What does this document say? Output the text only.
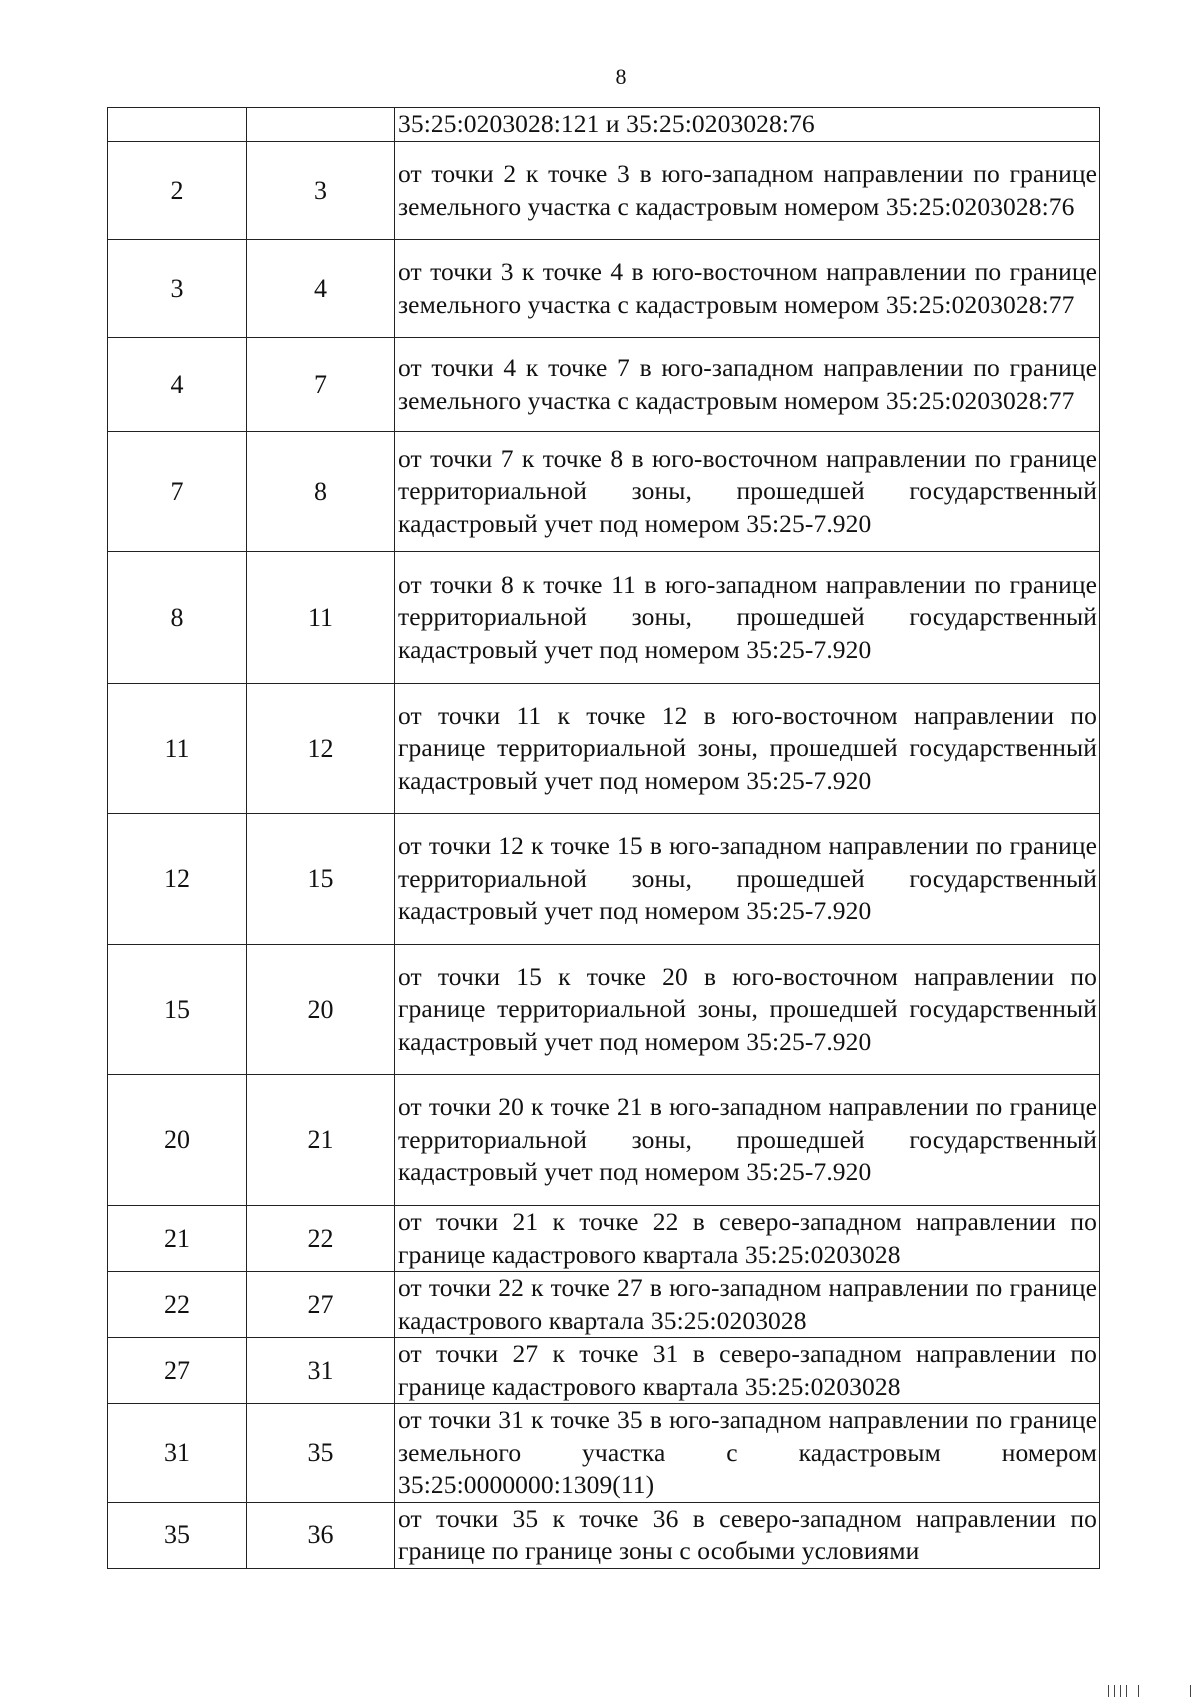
8
		35:25:0203028:121 и 35:25:0203028:76
2	3	от точки 2 к точке 3 в юго-западном направлении по границе земельного участка с кадастровым номером 35:25:0203028:76
3	4	от точки 3 к точке 4 в юго-восточном направлении по границе земельного участка с кадастровым номером 35:25:0203028:77
4	7	от точки 4 к точке 7 в юго-западном направлении по границе земельного участка с кадастровым номером 35:25:0203028:77
7	8	от точки 7 к точке 8 в юго-восточном направлении по границе территориальной зоны, прошедшей государственный кадастровый учет под номером 35:25-7.920
8	11	от точки 8 к точке 11 в юго-западном направлении по границе территориальной зоны, прошедшей государственный кадастровый учет под номером 35:25-7.920
11	12	от точки 11 к точке 12 в юго-восточном направлении по границе территориальной зоны, прошедшей государственный кадастровый учет под номером 35:25-7.920
12	15	от точки 12 к точке 15 в юго-западном направлении по границе территориальной зоны, прошедшей государственный кадастровый учет под номером 35:25-7.920
15	20	от точки 15 к точке 20 в юго-восточном направлении по границе территориальной зоны, прошедшей государственный кадастровый учет под номером 35:25-7.920
20	21	от точки 20 к точке 21 в юго-западном направлении по границе территориальной зоны, прошедшей государственный кадастровый учет под номером 35:25-7.920
21	22	от точки 21 к точке 22 в северо-западном направлении по границе кадастрового квартала 35:25:0203028
22	27	от точки 22 к точке 27 в юго-западном направлении по границе кадастрового квартала 35:25:0203028
27	31	от точки 27 к точке 31 в северо-западном направлении по границе кадастрового квартала 35:25:0203028
31	35	от точки 31 к точке 35 в юго-западном направлении по границе земельного участка с кадастровым номером 35:25:0000000:1309(11)
35	36	от точки 35 к точке 36 в северо-западном направлении по границе по границе зоны с особыми условиями
